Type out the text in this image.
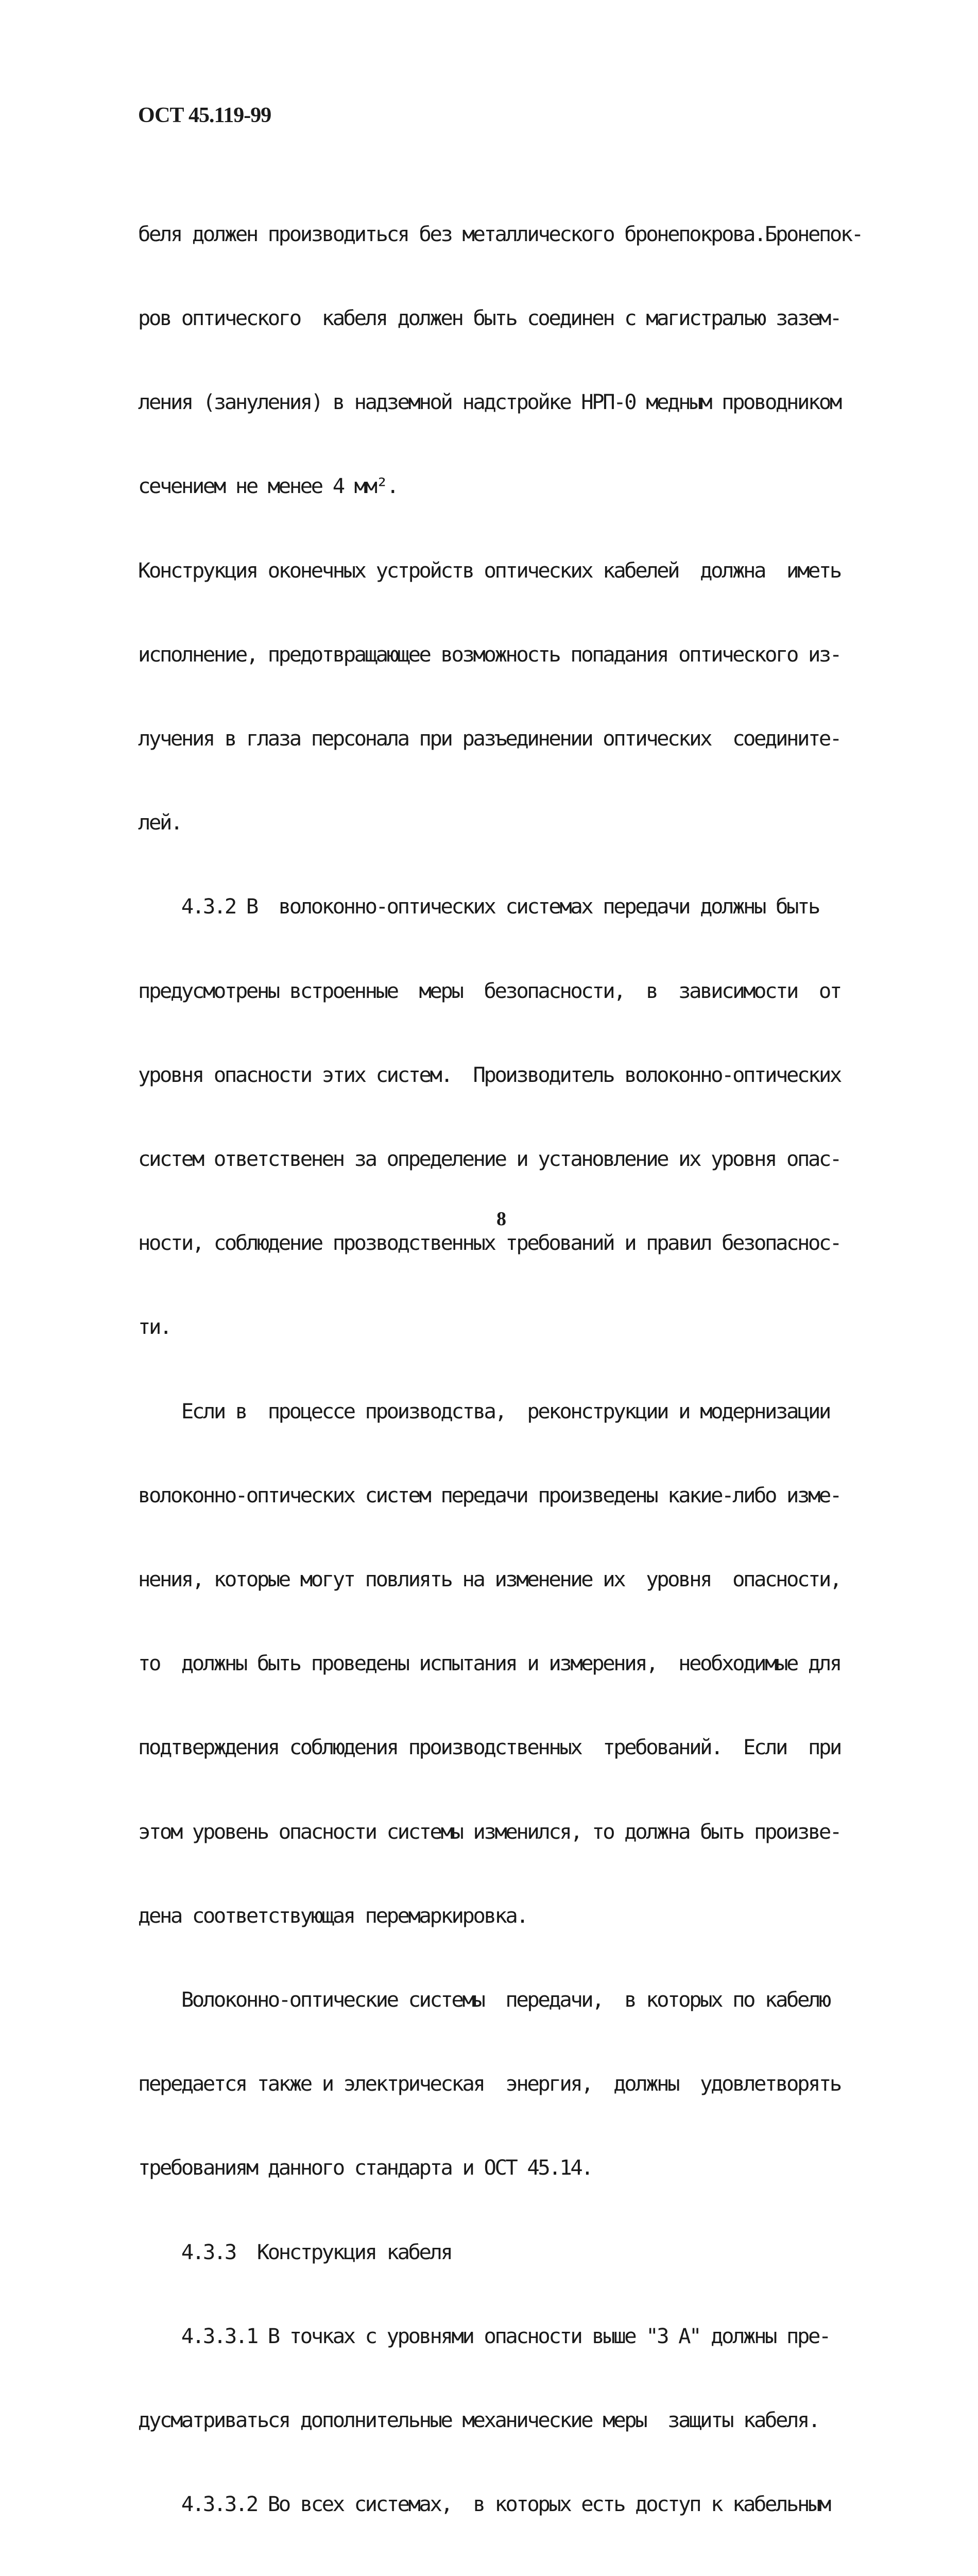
ОСТ 45.119-99

беля должен производиться без металлического бронепокрова.Бронепок-

ров оптического  кабеля должен быть соединен с магистралью зазем-

ления (зануления) в надземной надстройке НРП-0 медным проводником

сечением не менее 4 мм².

Конструкция оконечных устройств оптических кабелей  должна  иметь

исполнение, предотвращающее возможность попадания оптического из-

лучения в глаза персонала при разъединении оптических  соедините-

лей.

4.3.2 В  волоконно-оптических системах передачи должны быть

предусмотрены встроенные  меры  безопасности,  в  зависимости  от

уровня опасности этих систем.  Производитель волоконно-оптических

систем ответственен за определение и установление их уровня опас-

ности, соблюдение прозводственных требований и правил безопаснос-

ти.

Если в  процессе производства,  реконструкции и модернизации

волоконно-оптических систем передачи произведены какие-либо изме-

нения, которые могут повлиять на изменение их  уровня  опасности,

то  должны быть проведены испытания и измерения,  необходимые для

подтверждения соблюдения производственных  требований.  Если  при

этом уровень опасности системы изменился, то должна быть произве-

дена соответствующая перемаркировка.

Волоконно-оптические системы  передачи,  в которых по кабелю

передается также и электрическая  энергия,  должны  удовлетворять

требованиям данного стандарта и ОСТ 45.14.

4.3.3  Конструкция кабеля

4.3.3.1 В точках с уровнями опасности выше "3 А" должны пре-

дусматриваться дополнительные механические меры  защиты кабеля.

4.3.3.2 Во всех системах,  в которых есть доступ к кабельным

8
